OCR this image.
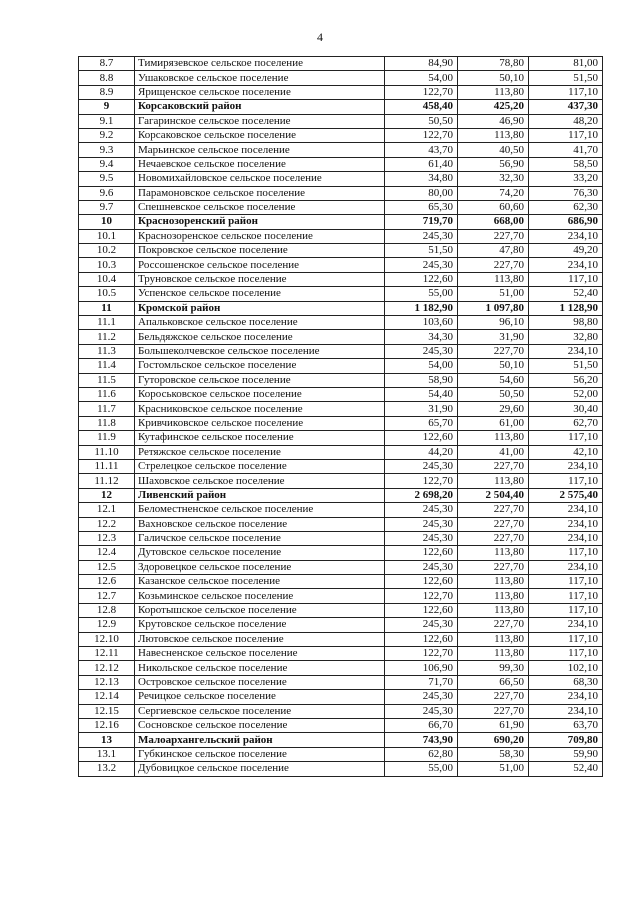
4
8.7	Тимирязевское сельское поселение	84,90	78,80	81,00
8.8	Ушаковское сельское поселение	54,00	50,10	51,50
8.9	Ярищенское сельское поселение	122,70	113,80	117,10
9	Корсаковский район	458,40	425,20	437,30
9.1	Гагаринское сельское поселение	50,50	46,90	48,20
9.2	Корсаковское сельское поселение	122,70	113,80	117,10
9.3	Марьинское сельское поселение	43,70	40,50	41,70
9.4	Нечаевское сельское поселение	61,40	56,90	58,50
9.5	Новомихайловское сельское поселение	34,80	32,30	33,20
9.6	Парамоновское сельское поселение	80,00	74,20	76,30
9.7	Спешневское сельское поселение	65,30	60,60	62,30
10	Краснозоренский район	719,70	668,00	686,90
10.1	Краснозоренское сельское поселение	245,30	227,70	234,10
10.2	Покровское сельское поселение	51,50	47,80	49,20
10.3	Россошенское сельское поселение	245,30	227,70	234,10
10.4	Труновское сельское поселение	122,60	113,80	117,10
10.5	Успенское сельское поселение	55,00	51,00	52,40
11	Кромской район	1 182,90	1 097,80	1 128,90
11.1	Апальковское сельское поселение	103,60	96,10	98,80
11.2	Бельдяжское сельское поселение	34,30	31,90	32,80
11.3	Большеколчевское сельское поселение	245,30	227,70	234,10
11.4	Гостомльское сельское поселение	54,00	50,10	51,50
11.5	Гуторовское сельское поселение	58,90	54,60	56,20
11.6	Короськовское сельское поселение	54,40	50,50	52,00
11.7	Красниковское сельское поселение	31,90	29,60	30,40
11.8	Кривчиковское сельское поселение	65,70	61,00	62,70
11.9	Кутафинское сельское поселение	122,60	113,80	117,10
11.10	Ретяжское сельское поселение	44,20	41,00	42,10
11.11	Стрелецкое сельское поселение	245,30	227,70	234,10
11.12	Шаховское сельское поселение	122,70	113,80	117,10
12	Ливенский район	2 698,20	2 504,40	2 575,40
12.1	Беломестненское сельское поселение	245,30	227,70	234,10
12.2	Вахновское сельское поселение	245,30	227,70	234,10
12.3	Галичское сельское поселение	245,30	227,70	234,10
12.4	Дутовское сельское поселение	122,60	113,80	117,10
12.5	Здоровецкое сельское поселение	245,30	227,70	234,10
12.6	Казанское сельское поселение	122,60	113,80	117,10
12.7	Козьминское сельское поселение	122,70	113,80	117,10
12.8	Коротышское сельское поселение	122,60	113,80	117,10
12.9	Крутовское сельское поселение	245,30	227,70	234,10
12.10	Лютовское сельское поселение	122,60	113,80	117,10
12.11	Навесненское сельское поселение	122,70	113,80	117,10
12.12	Никольское сельское поселение	106,90	99,30	102,10
12.13	Островское сельское поселение	71,70	66,50	68,30
12.14	Речицкое сельское поселение	245,30	227,70	234,10
12.15	Сергиевское сельское поселение	245,30	227,70	234,10
12.16	Сосновское сельское поселение	66,70	61,90	63,70
13	Малоархангельский район	743,90	690,20	709,80
13.1	Губкинское сельское поселение	62,80	58,30	59,90
13.2	Дубовицкое сельское поселение	55,00	51,00	52,40
